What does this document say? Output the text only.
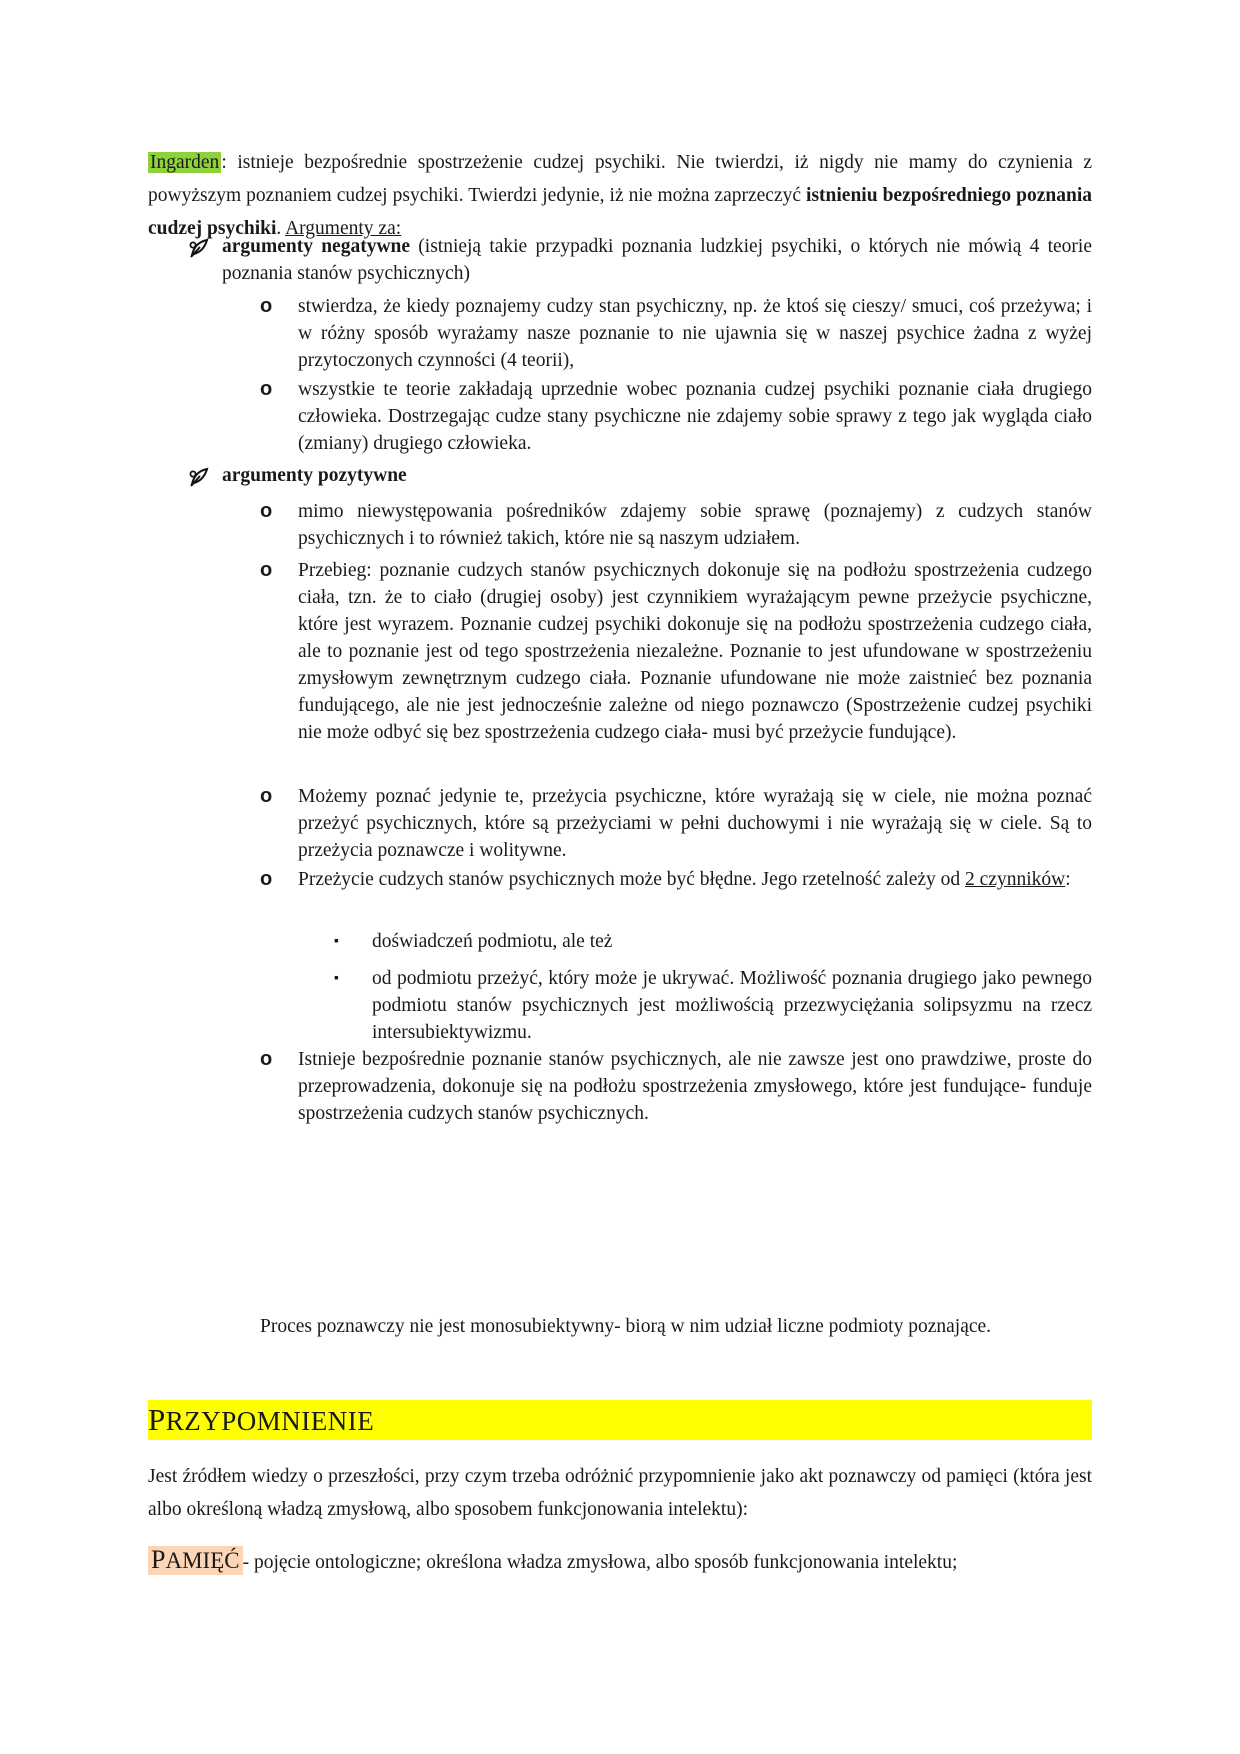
Ingarden : istnieje bezpośrednie spostrzeżenie cudzej psychiki. Nie twierdzi, iż nigdy nie mamy do czynienia z powyższym poznaniem cudzej psychiki. Twierdzi jedynie, iż nie można zaprzeczyć istnieniu bezpośredniego poznania cudzej psychiki. Argumenty za:

argumenty negatywne (istnieją takie przypadki poznania ludzkiej psychiki, o których nie mówią 4 teorie poznania stanów psychicznych)
o stwierdza, że kiedy poznajemy cudzy stan psychiczny, np. że ktoś się cieszy/ smuci, coś przeżywa; i w różny sposób wyrażamy nasze poznanie to nie ujawnia się w naszej psychice żadna z wyżej przytoczonych czynności (4 teorii),
o wszystkie te teorie zakładają uprzednie wobec poznania cudzej psychiki poznanie ciała drugiego człowieka. Dostrzegając cudze stany psychiczne nie zdajemy sobie sprawy z tego jak wygląda ciało (zmiany) drugiego człowieka.
argumenty pozytywne
o mimo niewystępowania pośredników zdajemy sobie sprawę (poznajemy) z cudzych stanów psychicznych i to również takich, które nie są naszym udziałem.
o Przebieg: poznanie cudzych stanów psychicznych dokonuje się na podłożu spostrzeżenia cudzego ciała, tzn. że to ciało (drugiej osoby) jest czynnikiem wyrażającym pewne przeżycie psychiczne, które jest wyrazem. Poznanie cudzej psychiki dokonuje się na podłożu spostrzeżenia cudzego ciała, ale to poznanie jest od tego spostrzeżenia niezależne. Poznanie to jest ufundowane w spostrzeżeniu zmysłowym zewnętrznym cudzego ciała. Poznanie ufundowane nie może zaistnieć bez poznania fundującego, ale nie jest jednocześnie zależne od niego poznawczo (Spostrzeżenie cudzej psychiki nie może odbyć się bez spostrzeżenia cudzego ciała- musi być przeżycie fundujące).
o Możemy poznać jedynie te, przeżycia psychiczne, które wyrażają się w ciele, nie można poznać przeżyć psychicznych, które są przeżyciami w pełni duchowymi i nie wyrażają się w ciele. Są to przeżycia poznawcze i wolitywne.
o Przeżycie cudzych stanów psychicznych może być błędne. Jego rzetelność zależy od 2 czynników:
▪ doświadczeń podmiotu, ale też
▪ od podmiotu przeżyć, który może je ukrywać. Możliwość poznania drugiego jako pewnego podmiotu stanów psychicznych jest możliwością przezwyciężania solipsyzmu na rzecz intersubiektywizmu.
o Istnieje bezpośrednie poznanie stanów psychicznych, ale nie zawsze jest ono prawdziwe, proste do przeprowadzenia, dokonuje się na podłożu spostrzeżenia zmysłowego, które jest fundujące- funduje spostrzeżenia cudzych stanów psychicznych.

Proces poznawczy nie jest monosubiektywny- biorą w nim udział liczne podmioty poznające.

PRZYPOMNIENIE

Jest źródłem wiedzy o przeszłości, przy czym trzeba odróżnić przypomnienie jako akt poznawczy od pamięci (która jest albo określoną władzą zmysłową, albo sposobem funkcjonowania intelektu):

PAMIĘĆ - pojęcie ontologiczne; określona władza zmysłowa, albo sposób funkcjonowania intelektu;
